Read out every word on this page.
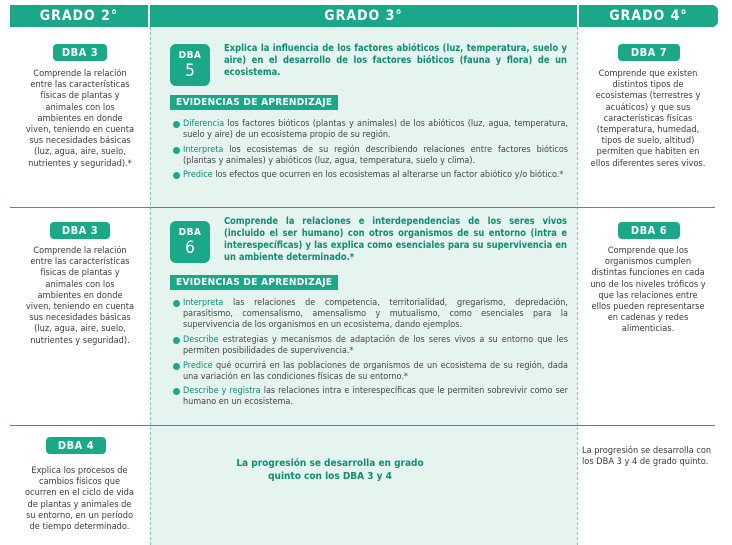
GRADO 2°	GRADO 3°	GRADO 4°
DBA 3
Comprende la relación entre las características físicas de plantas y animales con los ambientes en donde viven, teniendo en cuenta sus necesidades básicas (luz, agua, aire, suelo, nutrientes y seguridad).*
DBA
5
Explica la influencia de los factores abióticos (luz, temperatura, suelo y aire) en el desarrollo de los factores bióticos (fauna y flora) de un ecosistema.
EVIDENCIAS DE APRENDIZAJE
Diferencia los factores bióticos (plantas y animales) de los abióticos (luz, agua, temperatura, suelo y aire) de un ecosistema propio de su región.
Interpreta los ecosistemas de su región describiendo relaciones entre factores bióticos (plantas y animales) y abióticos (luz, agua, temperatura, suelo y clima).
Predice los efectos que ocurren en los ecosistemas al alterarse un factor abiótico y/o biótico.*
DBA 7
Comprende que existen distintos tipos de ecosistemas (terrestres y acuáticos) y que sus características físicas (temperatura, humedad, tipos de suelo, altitud) permiten que habiten en ellos diferentes seres vivos.
DBA 3
Comprende la relación entre las características físicas de plantas y animales con los ambientes en donde viven, teniendo en cuenta sus necesidades básicas (luz, agua, aire, suelo, nutrientes y seguridad).
DBA
6
Comprende la relaciones e interdependencias de los seres vivos (incluido el ser humano) con otros organismos de su entorno (intra e interespecíficas) y las explica como esenciales para su supervivencia en un ambiente determinado.*
EVIDENCIAS DE APRENDIZAJE
Interpreta las relaciones de competencia, territorialidad, gregarismo, depredación, parasitismo, comensalismo, amensalismo y mutualismo, como esenciales para la supervivencia de los organismos en un ecosistema, dando ejemplos.
Describe estrategias y mecanismos de adaptación de los seres vivos a su entorno que les permiten posibilidades de supervivencia.*
Predice qué ocurrirá en las poblaciones de organismos de un ecosistema de su región, dada una variación en las condiciones físicas de su entorno.*
Describe y registra las relaciones intra e interespecíficas que le permiten sobrevivir como ser humano en un ecosistema.
DBA 6
Comprende que los organismos cumplen distintas funciones en cada uno de los niveles tróficos y que las relaciones entre ellos pueden representarse en cadenas y redes alimenticias.
DBA 4
Explica los procesos de cambios físicos que ocurren en el ciclo de vida de plantas y animales de su entorno, en un período de tiempo determinado.
La progresión se desarrolla en grado quinto con los DBA 3 y 4
La progresión se desarrolla con los DBA 3 y 4 de grado quinto.
